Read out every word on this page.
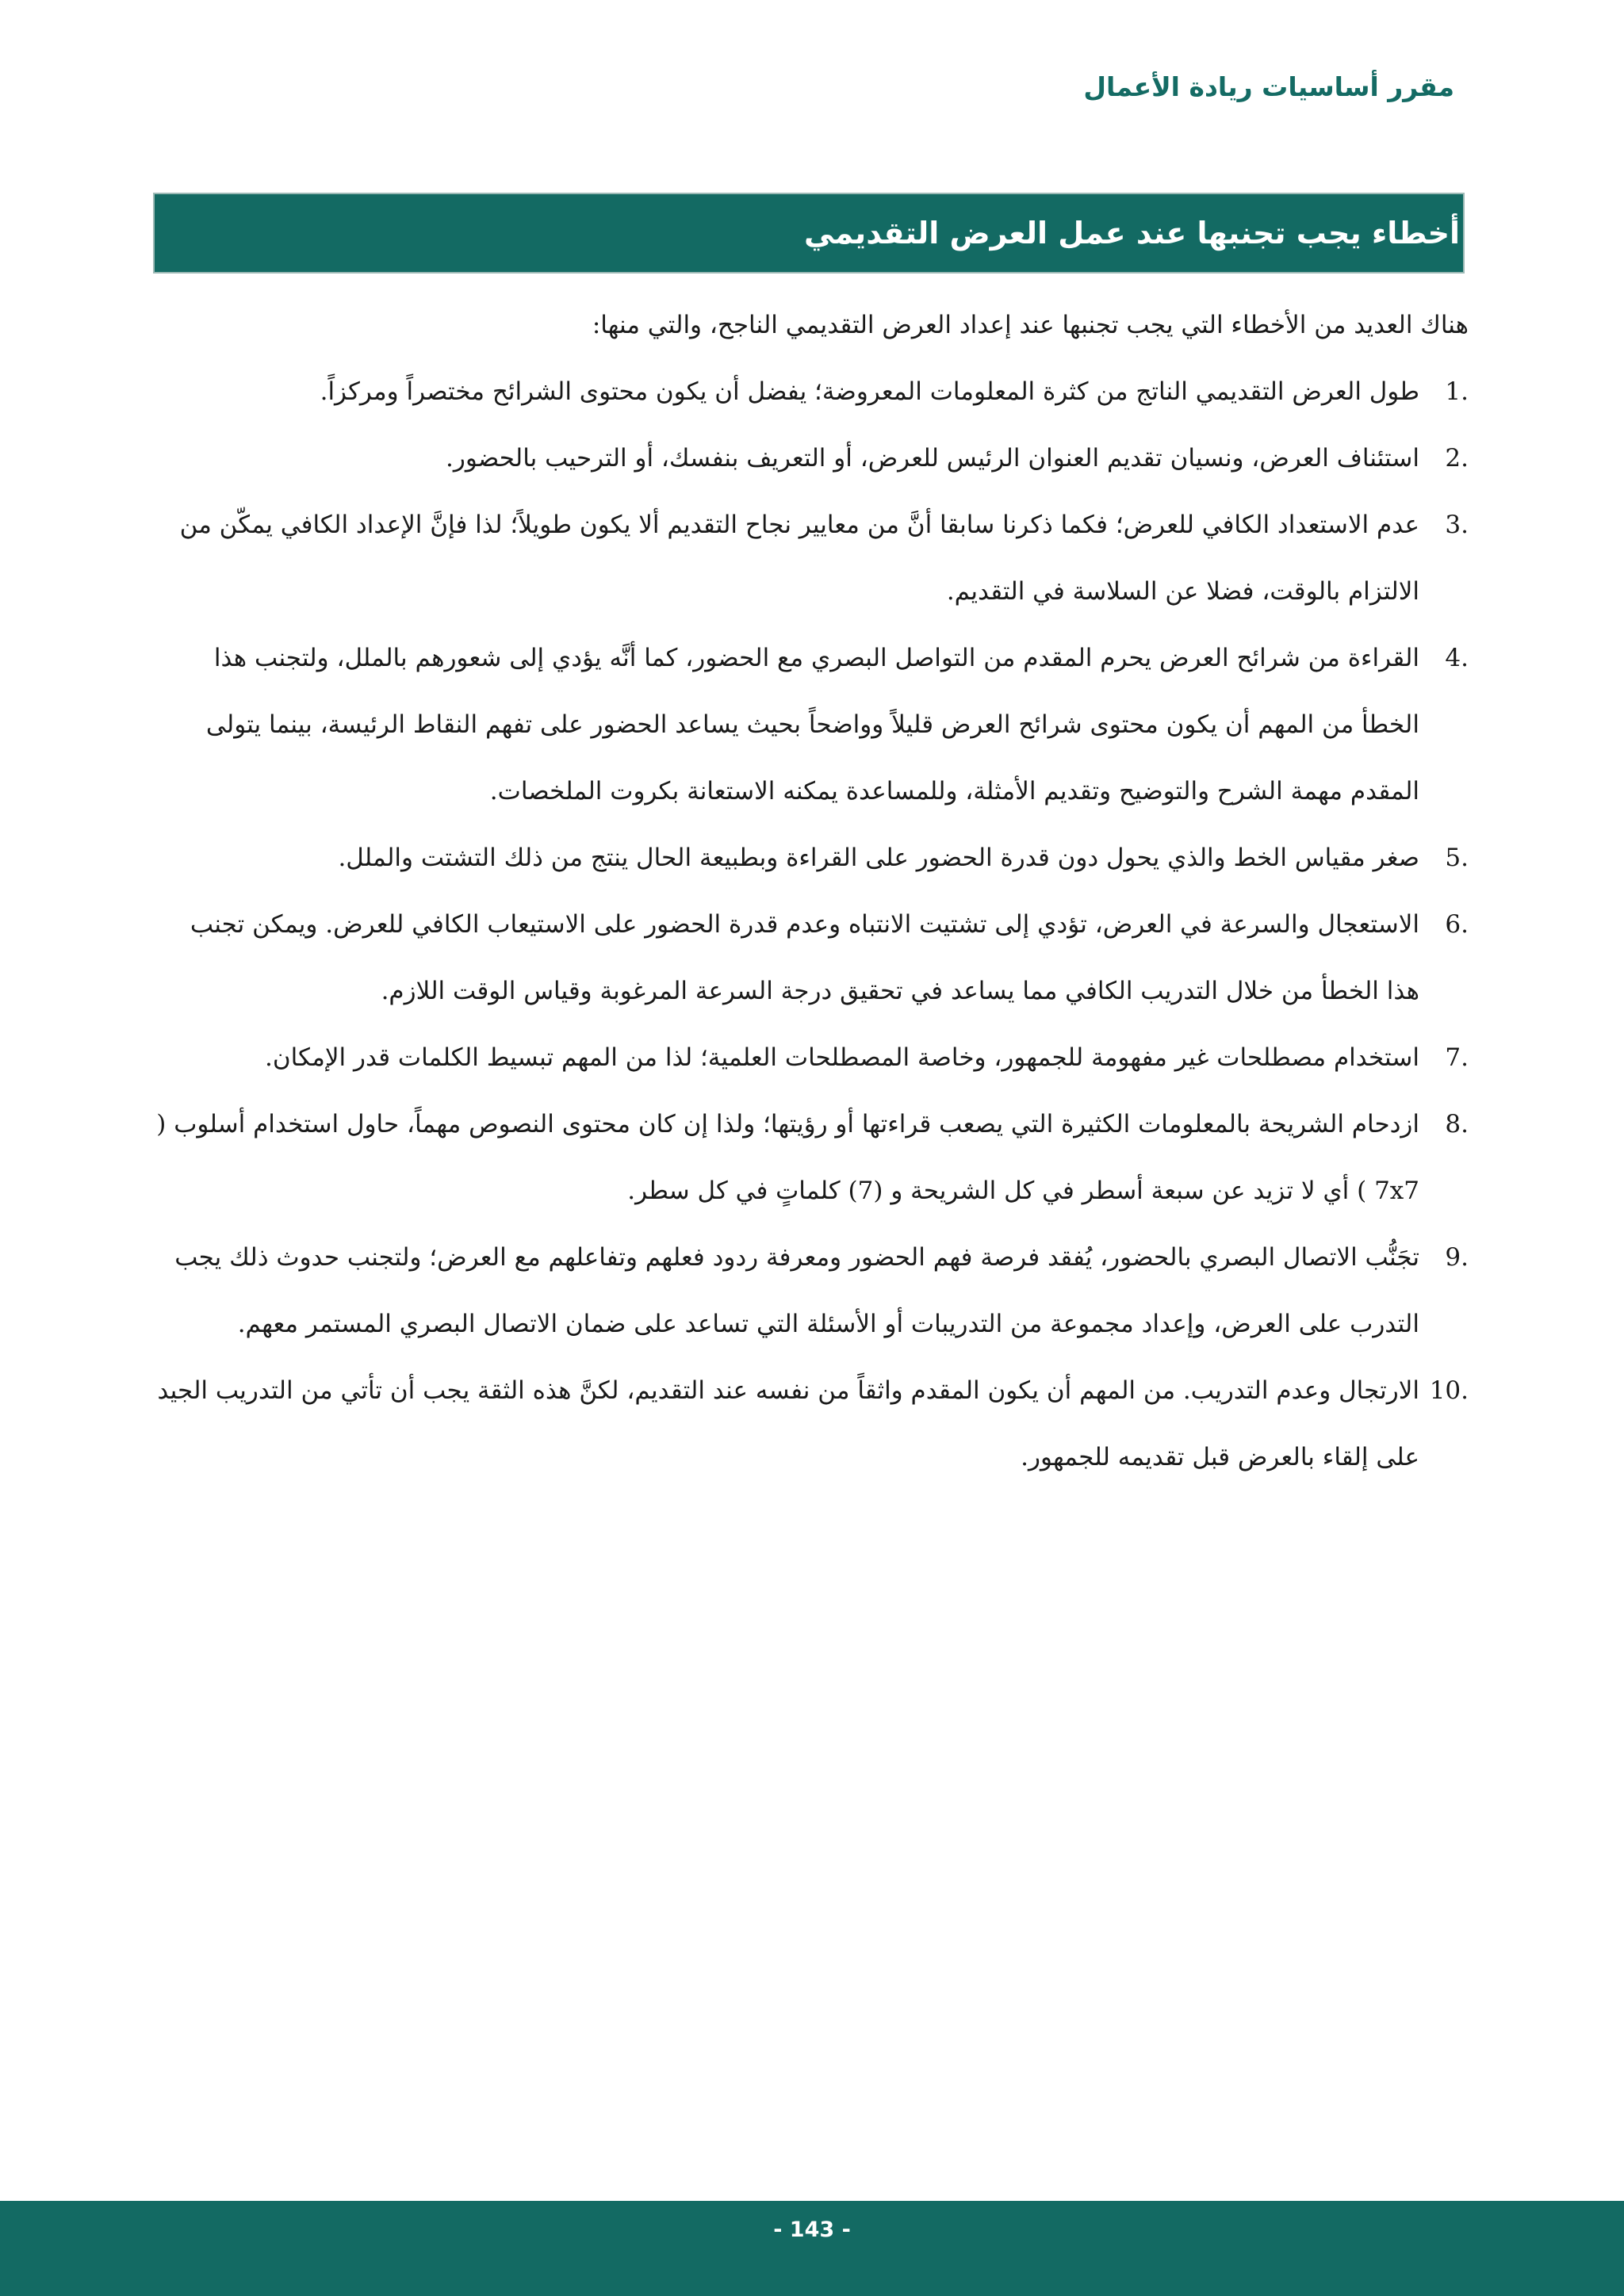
مقرر أساسيات ريادة الأعمال
أخطاء يجب تجنبها عند عمل العرض التقديمي

هناك العديد من الأخطاء التي يجب تجنبها عند إعداد العرض التقديمي الناجح، والتي منها:

1.
طول العرض التقديمي الناتج من كثرة المعلومات المعروضة؛ يفضل أن يكون محتوى الشرائح مختصراً ومركزاً.
2.
استئناف العرض، ونسيان تقديم العنوان الرئيس للعرض، أو التعريف بنفسك، أو الترحيب بالحضور.
3.
عدم الاستعداد الكافي للعرض؛ فكما ذكرنا سابقا أنَّ من معايير نجاح التقديم ألا يكون طويلاً؛ لذا فإنَّ الإعداد الكافي يمكّن من الالتزام بالوقت، فضلا عن السلاسة في التقديم.
4.
القراءة من شرائح العرض يحرم المقدم من التواصل البصري مع الحضور، كما أنَّه يؤدي إلى شعورهم بالملل، ولتجنب هذا الخطأ من المهم أن يكون محتوى شرائح العرض قليلاً وواضحاً بحيث يساعد الحضور على تفهم النقاط الرئيسة، بينما يتولى المقدم مهمة الشرح والتوضيح وتقديم الأمثلة، وللمساعدة يمكنه الاستعانة بكروت الملخصات.
5.
صغر مقياس الخط والذي يحول دون قدرة الحضور على القراءة وبطبيعة الحال ينتج من ذلك التشتت والملل.
6.
الاستعجال والسرعة في العرض، تؤدي إلى تشتيت الانتباه وعدم قدرة الحضور على الاستيعاب الكافي للعرض. ويمكن تجنب هذا الخطأ من خلال التدريب الكافي مما يساعد في تحقيق درجة السرعة المرغوبة وقياس الوقت اللازم.
7.
استخدام مصطلحات غير مفهومة للجمهور، وخاصة المصطلحات العلمية؛ لذا من المهم تبسيط الكلمات قدر الإمكان.
8.
ازدحام الشريحة بالمعلومات الكثيرة التي يصعب قراءتها أو رؤيتها؛ ولذا إن كان محتوى النصوص مهماً، حاول استخدام أسلوب ( 7x7 ) أي لا تزيد عن سبعة أسطر في كل الشريحة و (7) كلماتٍ في كل سطر.
9.
تجَنُّب الاتصال البصري بالحضور، يُفقد فرصة فهم الحضور ومعرفة ردود فعلهم وتفاعلهم مع العرض؛ ولتجنب حدوث ذلك يجب التدرب على العرض، وإعداد مجموعة من التدريبات أو الأسئلة التي تساعد على ضمان الاتصال البصري المستمر معهم.
10.
الارتجال وعدم التدريب. من المهم أن يكون المقدم واثقاً من نفسه عند التقديم، لكنَّ هذه الثقة يجب أن تأتي من التدريب الجيد على إلقاء بالعرض قبل تقديمه للجمهور.
- 143 -
